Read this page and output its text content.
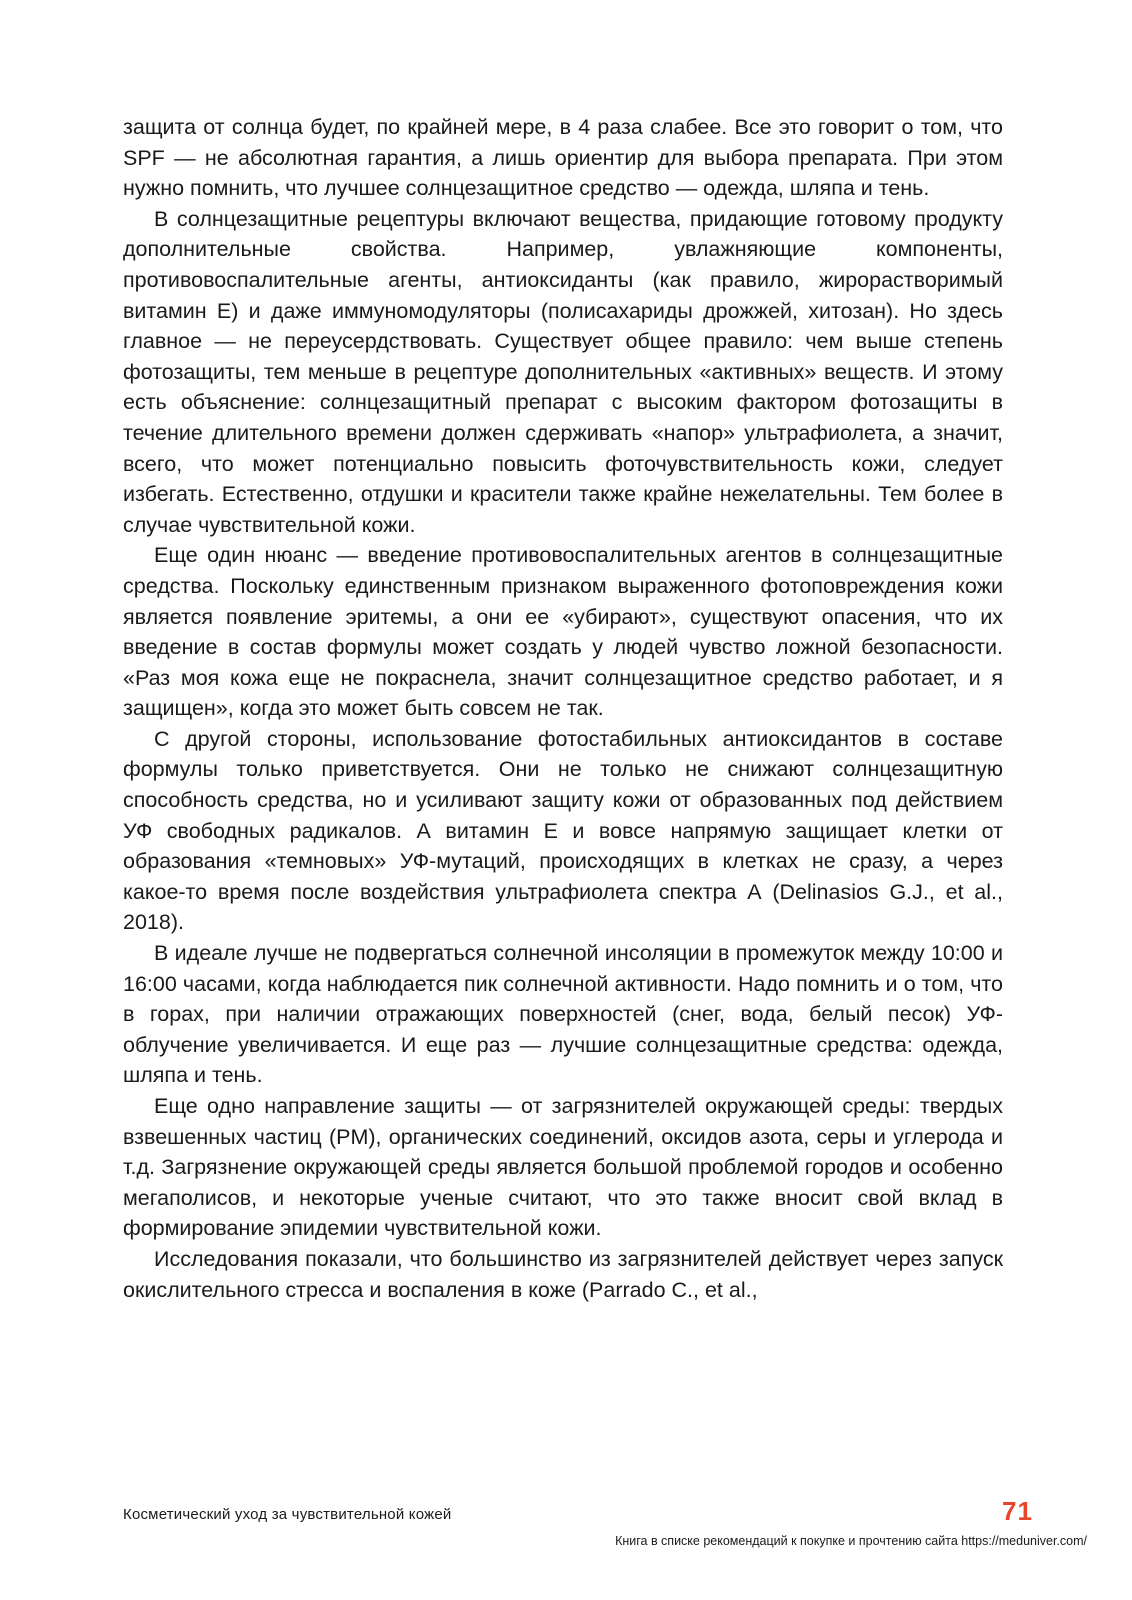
защита от солнца будет, по крайней мере, в 4 раза слабее. Все это говорит о том, что SPF — не абсолютная гарантия, а лишь ориентир для выбора препарата. При этом нужно помнить, что лучшее солнцезащитное средство — одежда, шляпа и тень.

В солнцезащитные рецептуры включают вещества, придающие готовому продукту дополнительные свойства. Например, увлажняющие компоненты, противовоспалительные агенты, антиоксиданты (как правило, жирорастворимый витамин Е) и даже иммуномодуляторы (полисахариды дрожжей, хитозан). Но здесь главное — не переусердствовать. Существует общее правило: чем выше степень фотозащиты, тем меньше в рецептуре дополнительных «активных» веществ. И этому есть объяснение: солнцезащитный препарат с высоким фактором фотозащиты в течение длительного времени должен сдерживать «напор» ультрафиолета, а значит, всего, что может потенциально повысить фоточувствительность кожи, следует избегать. Естественно, отдушки и красители также крайне нежелательны. Тем более в случае чувствительной кожи.

Еще один нюанс — введение противовоспалительных агентов в солнцезащитные средства. Поскольку единственным признаком выраженного фотоповреждения кожи является появление эритемы, а они ее «убирают», существуют опасения, что их введение в состав формулы может создать у людей чувство ложной безопасности. «Раз моя кожа еще не покраснела, значит солнцезащитное средство работает, и я защищен», когда это может быть совсем не так.

С другой стороны, использование фотостабильных антиоксидантов в составе формулы только приветствуется. Они не только не снижают солнцезащитную способность средства, но и усиливают защиту кожи от образованных под действием УФ свободных радикалов. А витамин Е и вовсе напрямую защищает клетки от образования «темновых» УФ-мутаций, происходящих в клетках не сразу, а через какое-то время после воздействия ультрафиолета спектра А (Delinasios G.J., et al., 2018).

В идеале лучше не подвергаться солнечной инсоляции в промежуток между 10:00 и 16:00 часами, когда наблюдается пик солнечной активности. Надо помнить и о том, что в горах, при наличии отражающих поверхностей (снег, вода, белый песок) УФ-облучение увеличивается. И еще раз — лучшие солнцезащитные средства: одежда, шляпа и тень.

Еще одно направление защиты — от загрязнителей окружающей среды: твердых взвешенных частиц (PM), органических соединений, оксидов азота, серы и углерода и т.д. Загрязнение окружающей среды является большой проблемой городов и особенно мегаполисов, и некоторые ученые считают, что это также вносит свой вклад в формирование эпидемии чувствительной кожи.

Исследования показали, что большинство из загрязнителей действует через запуск окислительного стресса и воспаления в коже (Parrado C., et al.,

Косметический уход за чувствительной кожей	71
Книга в списке рекомендаций к покупке и прочтению сайта https://meduniver.com/
